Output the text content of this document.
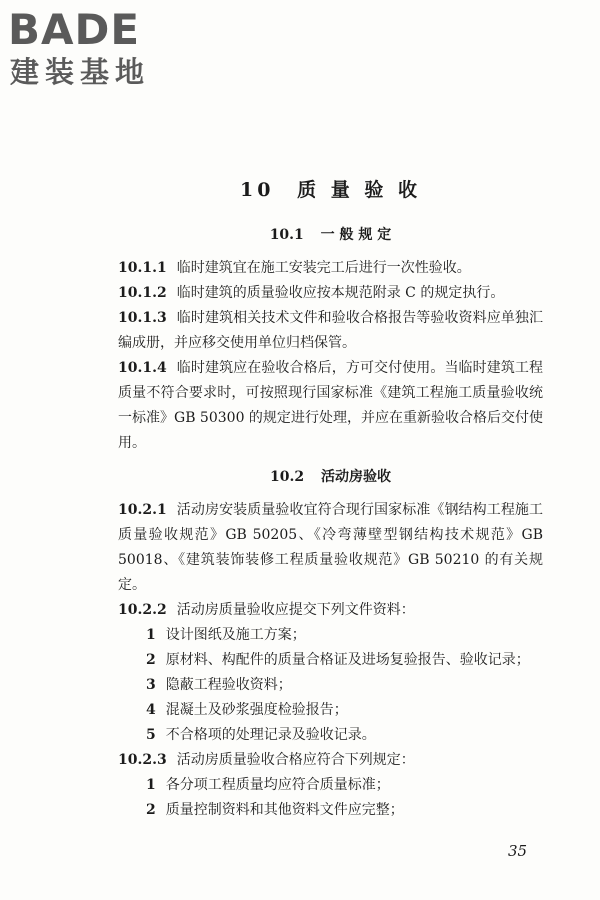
BADE
建装基地
10 质 量 验 收
10.1 一 般 规 定

10.1.1 临时建筑宜在施工安装完工后进行一次性验收。

10.1.2 临时建筑的质量验收应按本规范附录 C 的规定执行。

10.1.3 临时建筑相关技术文件和验收合格报告等验收资料应单独汇编成册，并应移交使用单位归档保管。

10.1.4 临时建筑应在验收合格后，方可交付使用。当临时建筑工程质量不符合要求时，可按照现行国家标准《建筑工程施工质量验收统一标准》GB 50300 的规定进行处理，并应在重新验收合格后交付使用。

10.2 活动房验收

10.2.1 活动房安装质量验收宜符合现行国家标准《钢结构工程施工质量验收规范》GB 50205、《冷弯薄壁型钢结构技术规范》GB 50018、《建筑装饰装修工程质量验收规范》GB 50210 的有关规定。

10.2.2 活动房质量验收应提交下列文件资料：

1 设计图纸及施工方案；

2 原材料、构配件的质量合格证及进场复验报告、验收记录；

3 隐蔽工程验收资料；

4 混凝土及砂浆强度检验报告；

5 不合格项的处理记录及验收记录。

10.2.3 活动房质量验收合格应符合下列规定：

1 各分项工程质量均应符合质量标准；

2 质量控制资料和其他资料文件应完整；

35
